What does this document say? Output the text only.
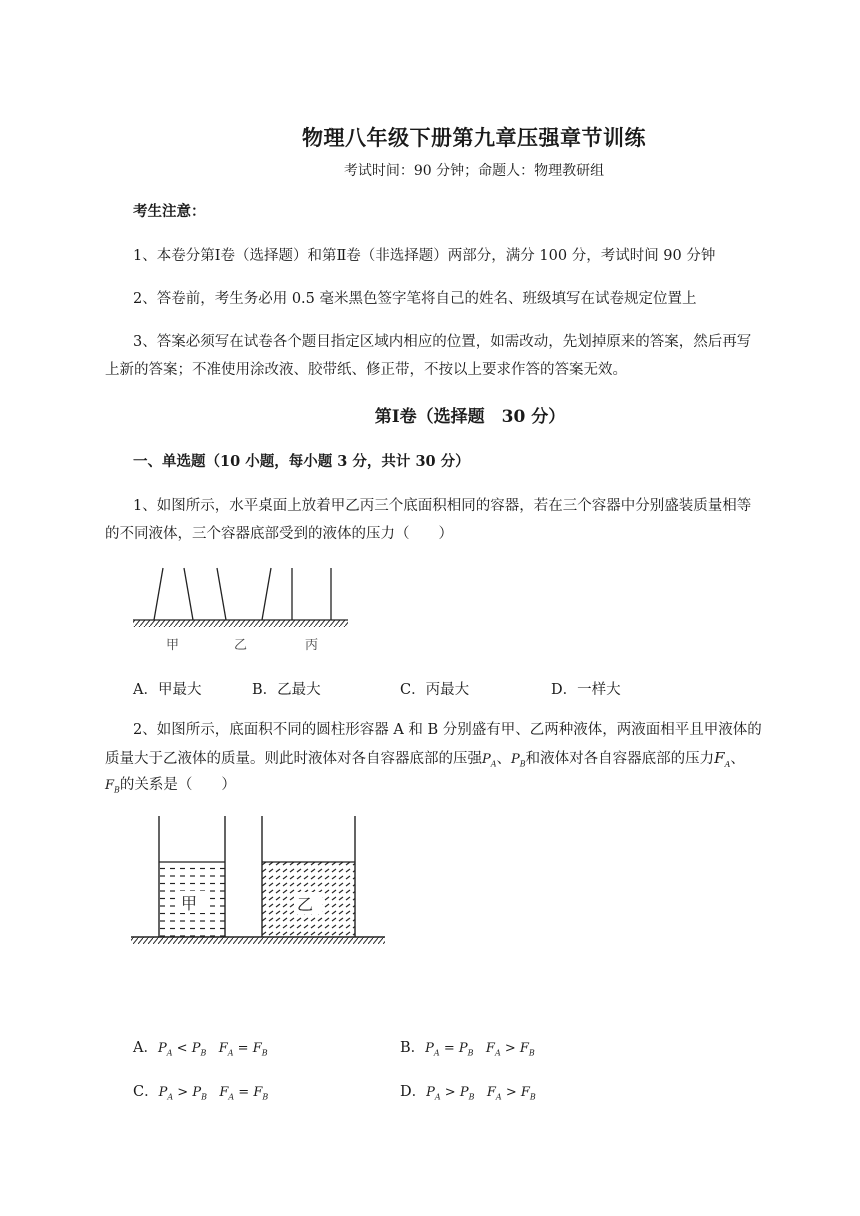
物理八年级下册第九章压强章节训练
考试时间：90 分钟；命题人：物理教研组
考生注意：
1、本卷分第Ⅰ卷（选择题）和第Ⅱ卷（非选择题）两部分，满分 100 分，考试时间 90 分钟
2、答卷前，考生务必用 0.5 毫米黑色签字笔将自己的姓名、班级填写在试卷规定位置上
3、答案必须写在试卷各个题目指定区域内相应的位置，如需改动，先划掉原来的答案，然后再写
上新的答案；不准使用涂改液、胶带纸、修正带，不按以上要求作答的答案无效。
第Ⅰ卷（选择题　30 分）
一、单选题（10 小题，每小题 3 分，共计 30 分）
1、如图所示，水平桌面上放着甲乙丙三个底面积相同的容器，若在三个容器中分别盛装质量相等
的不同液体，三个容器底部受到的液体的压力（　　）
甲	乙	丙
A．甲最大	B．乙最大	C．丙最大	D．一样大
2、如图所示，底面积不同的圆柱形容器 A 和 B 分别盛有甲、乙两种液体，两液面相平且甲液体的
质量大于乙液体的质量。则此时液体对各自容器底部的压强$P_A$、$P_B$和液体对各自容器底部的压力$F_A$、
$F_B$的关系是（　　）
甲	乙
A．$P_A < P_B$ $F_A = F_B$	B．$P_A = P_B$ $F_A > F_B$
C．$P_A > P_B$ $F_A = F_B$	D．$P_A > P_B$ $F_A > F_B$
